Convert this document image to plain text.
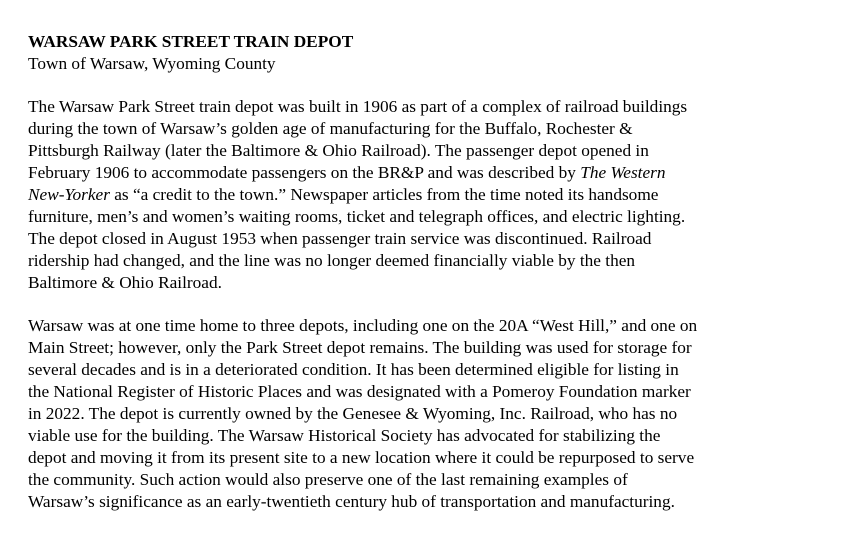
WARSAW PARK STREET TRAIN DEPOT
Town of Warsaw, Wyoming County
The Warsaw Park Street train depot was built in 1906 as part of a complex of railroad buildings
during the town of Warsaw’s golden age of manufacturing for the Buffalo, Rochester &
Pittsburgh Railway (later the Baltimore & Ohio Railroad). The passenger depot opened in
February 1906 to accommodate passengers on the BR&P and was described by The Western
New-Yorker as “a credit to the town.” Newspaper articles from the time noted its handsome
furniture, men’s and women’s waiting rooms, ticket and telegraph offices, and electric lighting.
The depot closed in August 1953 when passenger train service was discontinued. Railroad
ridership had changed, and the line was no longer deemed financially viable by the then
Baltimore & Ohio Railroad.
Warsaw was at one time home to three depots, including one on the 20A “West Hill,” and one on
Main Street; however, only the Park Street depot remains. The building was used for storage for
several decades and is in a deteriorated condition. It has been determined eligible for listing in
the National Register of Historic Places and was designated with a Pomeroy Foundation marker
in 2022. The depot is currently owned by the Genesee & Wyoming, Inc. Railroad, who has no
viable use for the building. The Warsaw Historical Society has advocated for stabilizing the
depot and moving it from its present site to a new location where it could be repurposed to serve
the community. Such action would also preserve one of the last remaining examples of
Warsaw’s significance as an early-twentieth century hub of transportation and manufacturing.
